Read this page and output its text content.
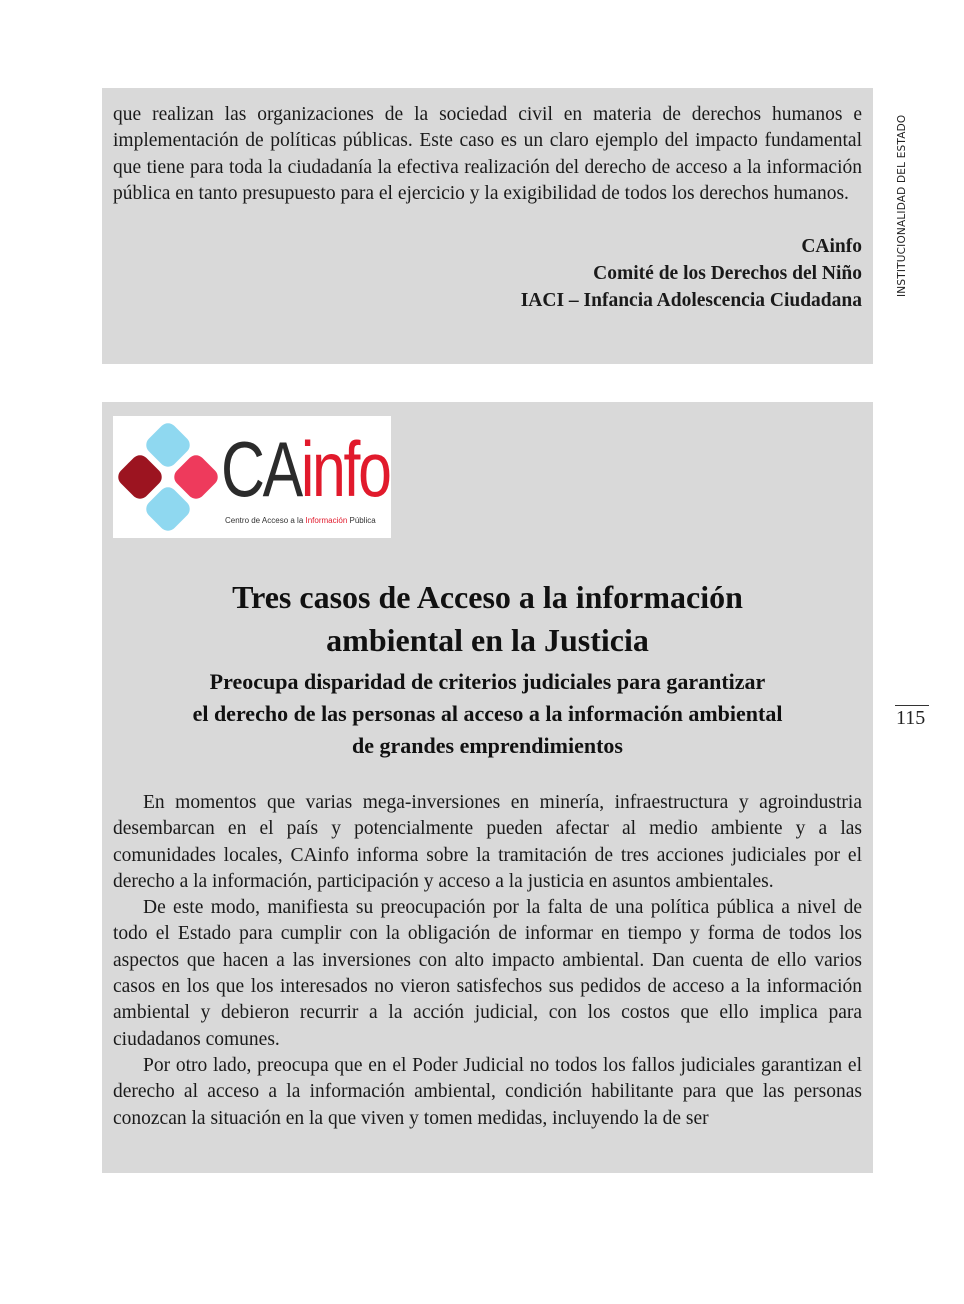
que realizan las organizaciones de la sociedad civil en materia de derechos humanos e implementación de políticas públicas. Este caso es un claro ejemplo del impacto fundamental que tiene para toda la ciudadanía la efectiva realización del derecho de acceso a la información pública en tanto presupuesto para el ejercicio y la exigibilidad de todos los derechos humanos.

CAinfo
Comité de los Derechos del Niño
IACI – Infancia Adolescencia Ciudadana
CAinfo
Centro de Acceso a la Información Pública
Tres casos de Acceso a la información
ambiental en la Justicia
Preocupa disparidad de criterios judiciales para garantizar
el derecho de las personas al acceso a la información ambiental
de grandes emprendimientos

En momentos que varias mega-inversiones en minería, infraestructura y agroindustria desembarcan en el país y potencialmente pueden afectar al medio ambiente y a las comunidades locales, CAinfo informa sobre la tramitación de tres acciones judiciales por el derecho a la información, participación y acceso a la justicia en asuntos ambientales.

De este modo, manifiesta su preocupación por la falta de una política pública a nivel de todo el Estado para cumplir con la obligación de informar en tiempo y forma de todos los aspectos que hacen a las inversiones con alto impacto ambiental. Dan cuenta de ello varios casos en los que los interesados no vieron satisfechos sus pedidos de acceso a la información ambiental y debieron recurrir a la acción judicial, con los costos que ello implica para ciudadanos comunes.

Por otro lado, preocupa que en el Poder Judicial no todos los fallos judiciales garantizan el derecho al acceso a la información ambiental, condición habilitante para que las personas conozcan la situación en la que viven y tomen medidas, incluyendo la de ser

INSTITUCIONALIDAD DEL ESTADO
115
